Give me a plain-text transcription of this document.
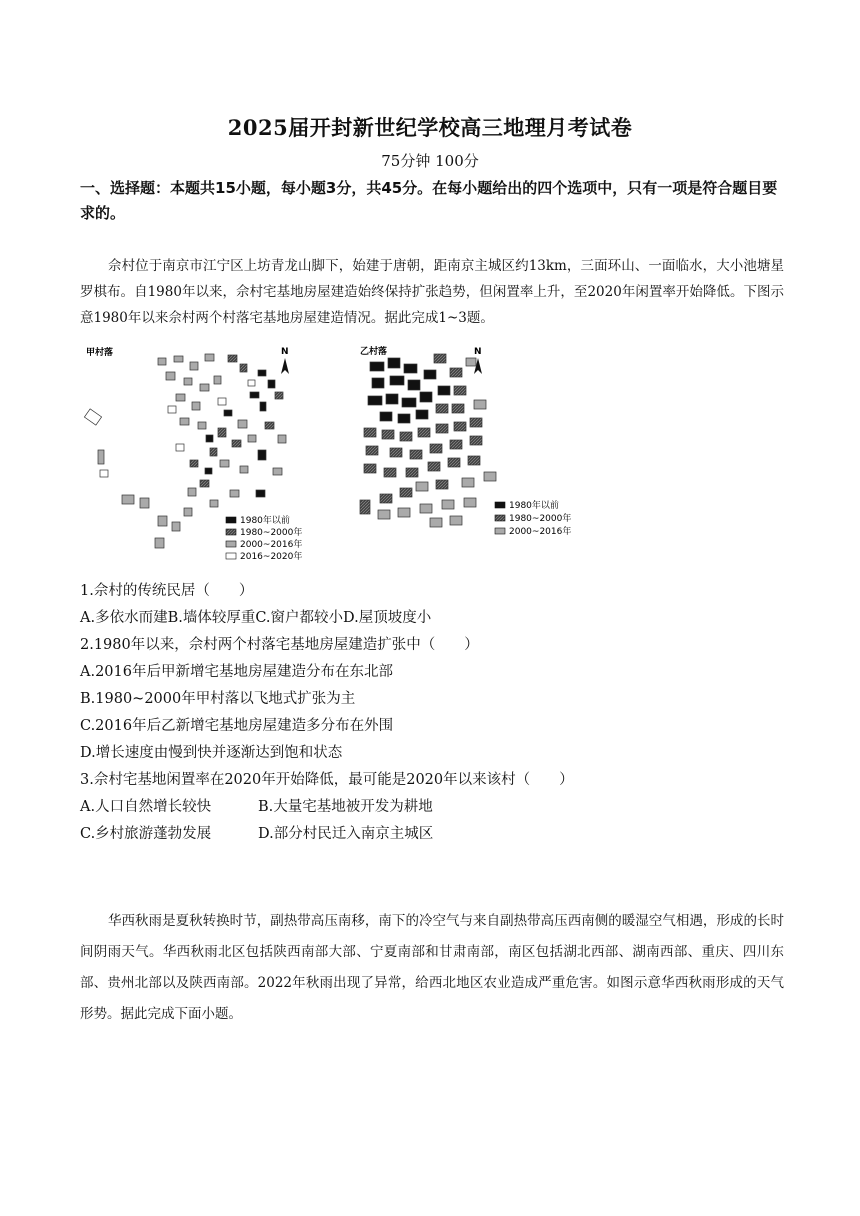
2025届开封新世纪学校高三地理月考试卷
75分钟 100分
一、选择题：本题共15小题，每小题3分，共45分。在每小题给出的四个选项中，只有一项是符合题目要求的。
佘村位于南京市江宁区上坊青龙山脚下，始建于唐朝，距南京主城区约13km，三面环山、一面临水，大小池塘星罗棋布。自1980年以来，佘村宅基地房屋建造始终保持扩张趋势，但闲置率上升，至2020年闲置率开始降低。下图示意1980年以来佘村两个村落宅基地房屋建造情况。据此完成1~3题。
甲村落	N
1980年以前
1980~2000年
2000~2016年
2016~2020年
乙村落	N
1980年以前
1980~2000年
2000~2016年
1.佘村的传统民居（　　）
A.多依水而建B.墙体较厚重C.窗户都较小D.屋顶坡度小
2.1980年以来，佘村两个村落宅基地房屋建造扩张中（　　）
A.2016年后甲新增宅基地房屋建造分布在东北部
B.1980~2000年甲村落以飞地式扩张为主
C.2016年后乙新增宅基地房屋建造多分布在外围
D.增长速度由慢到快并逐渐达到饱和状态
3.佘村宅基地闲置率在2020年开始降低，最可能是2020年以来该村（　　）
A.人口自然增长较快	B.大量宅基地被开发为耕地
C.乡村旅游蓬勃发展	D.部分村民迁入南京主城区
华西秋雨是夏秋转换时节，副热带高压南移，南下的冷空气与来自副热带高压西南侧的暖湿空气相遇，形成的长时间阴雨天气。华西秋雨北区包括陕西南部大部、宁夏南部和甘肃南部，南区包括湖北西部、湖南西部、重庆、四川东部、贵州北部以及陕西南部。2022年秋雨出现了异常，给西北地区农业造成严重危害。如图示意华西秋雨形成的天气形势。据此完成下面小题。
